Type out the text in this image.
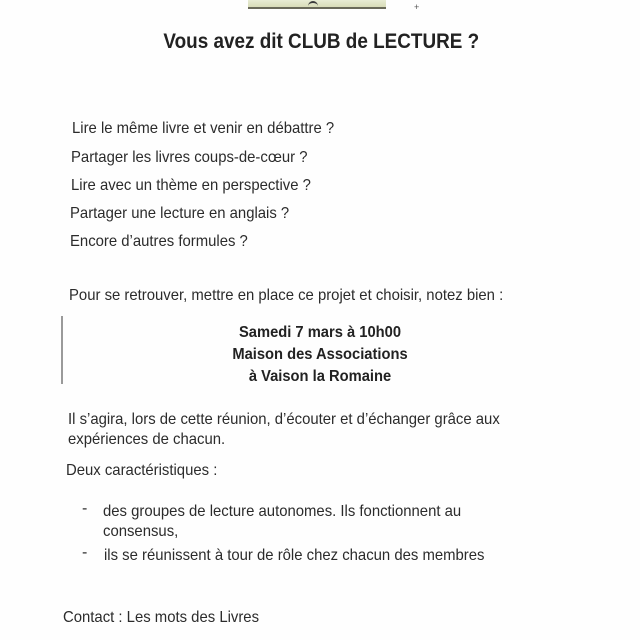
+
Vous avez dit CLUB de LECTURE ?
Lire le même livre et venir en débattre ?
Partager les livres coups-de-cœur ?
Lire avec un thème en perspective ?
Partager une lecture en anglais ?
Encore d’autres formules ?
Pour se retrouver, mettre en place ce projet et choisir, notez bien :
Samedi 7 mars à 10h00
Maison des Associations
à Vaison la Romaine
Il s’agira, lors de cette réunion, d’écouter et d’échanger grâce aux
expériences de chacun.
Deux caractéristiques :
- des groupes de lecture autonomes. Ils fonctionnent au
consensus,
- ils se réunissent à tour de rôle chez chacun des membres
Contact : Les mots des Livres
